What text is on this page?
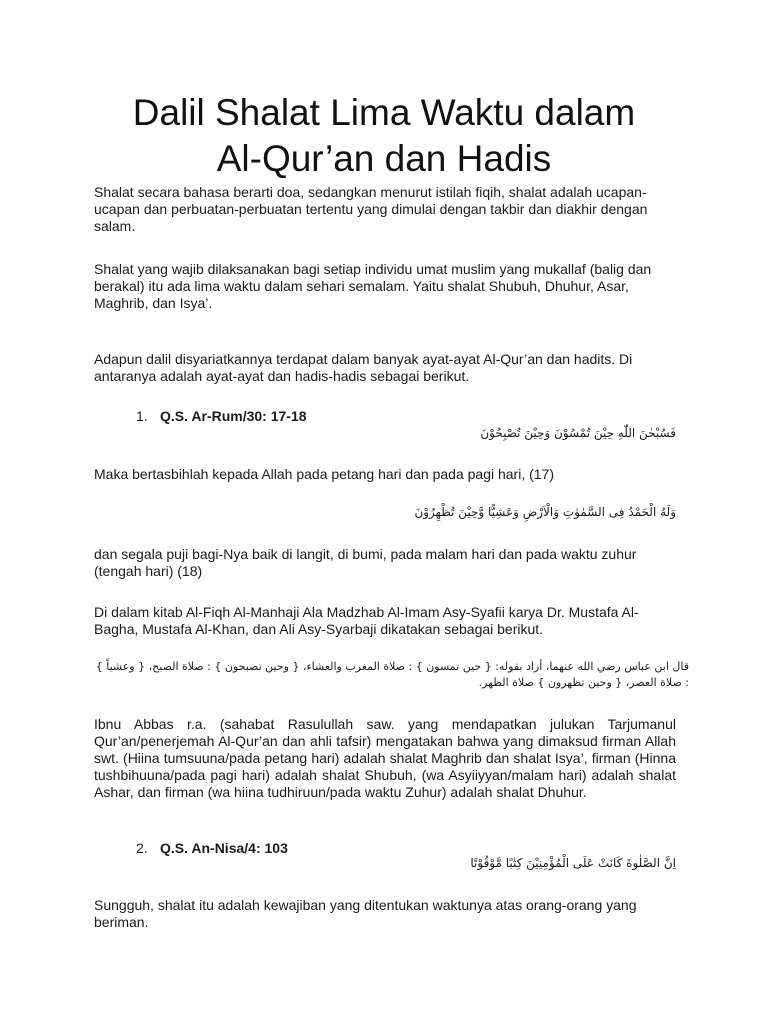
Dalil Shalat Lima Waktu dalam
Al-Qur’an dan Hadis

Shalat secara bahasa berarti doa, sedangkan menurut istilah fiqih, shalat adalah ucapan-ucapan dan perbuatan-perbuatan tertentu yang dimulai dengan takbir dan diakhir dengan salam.

Shalat yang wajib dilaksanakan bagi setiap individu umat muslim yang mukallaf (balig dan berakal) itu ada lima waktu dalam sehari semalam. Yaitu shalat Shubuh, Dhuhur, Asar, Maghrib, dan Isya’.

Adapun dalil disyariatkannya terdapat dalam banyak ayat-ayat Al-Qur’an dan hadits. Di antaranya adalah ayat-ayat dan hadis-hadis sebagai berikut.

1. Q.S. Ar-Rum/30: 17-18
فَسُبْحٰنَ اللّٰهِ حِيْنَ تُمْسُوْنَ وَحِيْنَ تُصْبِحُوْنَ

Maka bertasbihlah kepada Allah pada petang hari dan pada pagi hari, (17)

وَلَهُ الْحَمْدُ فِى السَّمٰوٰتِ وَالْاَرْضِ وَعَشِيًّا وَّحِيْنَ تُظْهِرُوْنَ

dan segala puji bagi-Nya baik di langit, di bumi, pada malam hari dan pada waktu zuhur (tengah hari) (18)

Di dalam kitab Al-Fiqh Al-Manhaji Ala Madzhab Al-Imam Asy-Syafii karya Dr. Mustafa Al-Bagha, Mustafa Al-Khan, dan Ali Asy-Syarbaji dikatakan sebagai berikut.

قال ابن عباس رضي الله عنهما، أراد بقوله: { حين تمسون } : صلاة المغرب والعشاء، { وحين تصبحون } : صلاة الصبح، { وعشياً } : صلاة العصر، { وحين تظهرون } صلاة الظهر.

Ibnu Abbas r.a. (sahabat Rasulullah saw. yang mendapatkan julukan Tarjumanul Qur’an/penerjemah Al-Qur’an dan ahli tafsir) mengatakan bahwa yang dimaksud firman Allah swt. (Hiina tumsuuna/pada petang hari) adalah shalat Maghrib dan shalat Isya’, firman (Hinna tushbihuuna/pada pagi hari) adalah shalat Shubuh, (wa Asyiiyyan/malam hari) adalah shalat Ashar, dan firman (wa hiina tudhiruun/pada waktu Zuhur) adalah shalat Dhuhur.

2. Q.S. An-Nisa/4: 103
اِنَّ الصَّلٰوةَ كَانَتْ عَلَى الْمُؤْمِنِيْنَ كِتٰبًا مَّوْقُوْتًا

Sungguh, shalat itu adalah kewajiban yang ditentukan waktunya atas orang-orang yang beriman.
